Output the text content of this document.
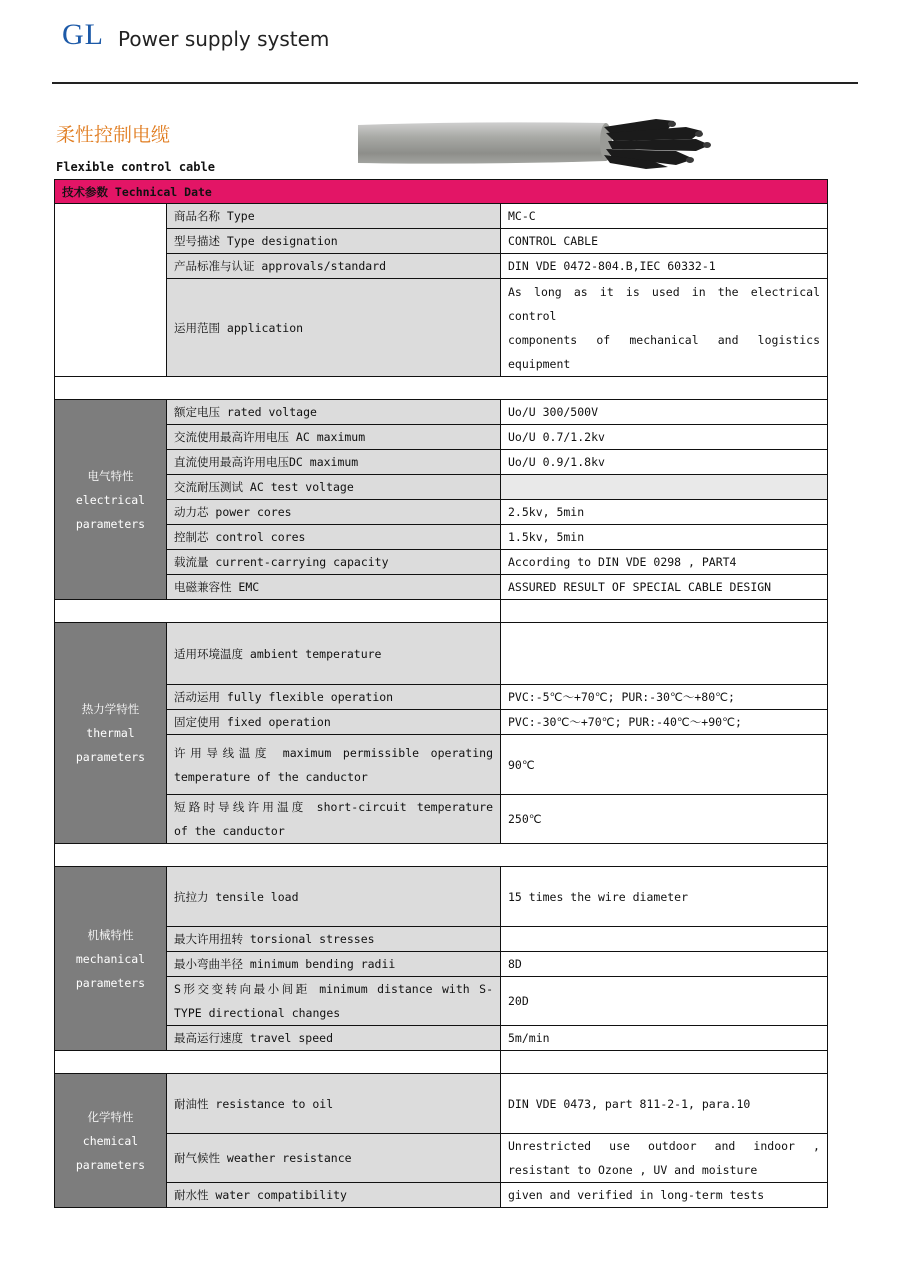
GL Power supply system
柔性控制电缆
Flexible control cable
技术参数 Technical Date		
	商品名称 Type	MC-C
	型号描述 Type designation	CONTROL CABLE
	产品标准与认证 approvals/standard	DIN VDE 0472-804.B,IEC 60332-1
	运用范围 application	As long as it is used in the electrical control
components of mechanical and logistics
equipment

电气特性
electrical
parameters	额定电压 rated voltage	Uo/U 300/500V
	交流使用最高许用电压 AC maximum	Uo/U 0.7/1.2kv
	直流使用最高许用电压DC maximum	Uo/U 0.9/1.8kv
	交流耐压测试 AC test voltage	
	动力芯 power cores	2.5kv, 5min
	控制芯 control cores	1.5kv, 5min
	载流量 current-carrying capacity	According to DIN VDE 0298 , PART4
	电磁兼容性 EMC	ASSURED RESULT OF SPECIAL CABLE DESIGN

热力学特性
thermal
parameters	适用环境温度 ambient temperature	
	活动运用 fully flexible operation	PVC:-5℃～+70℃; PUR:-30℃～+80℃;
	固定使用 fixed operation	PVC:-30℃～+70℃; PUR:-40℃～+90℃;

	许用导线温度 maximum permissible operating
temperature of the canductor	90℃

	短路时导线许用温度 short-circuit temperature
of the canductor	250℃

机械特性
mechanical
parameters	抗拉力 tensile load	15 times the wire diameter
	最大许用扭转 torsional stresses	
	最小弯曲半径 minimum bending radii	8D

	S形交变转向最小间距 minimum distance with S-
TYPE directional changes	20D
	最高运行速度 travel speed	5m/min

化学特性
chemical
parameters	耐油性 resistance to oil	DIN VDE 0473, part 811-2-1, para.10
	耐气候性 weather resistance	Unrestricted use outdoor and indoor ,
resistant to Ozone , UV and moisture

	耐水性 water compatibility	given and verified in long-term tests
